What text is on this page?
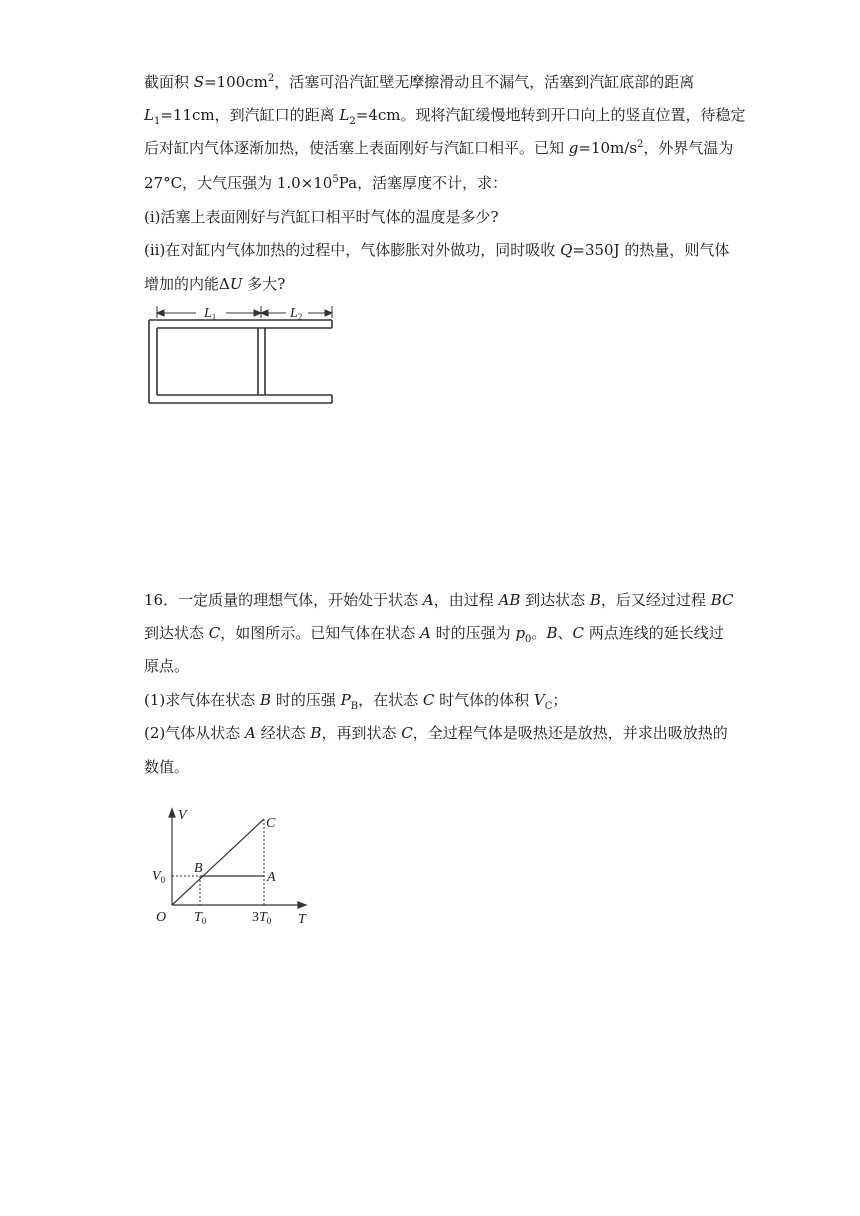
截面积 $S=100cm^2$，活塞可沿汽缸壁无摩擦滑动且不漏气，活塞到汽缸底部的距离
$L_1=11cm$，到汽缸口的距离 $L_2=4cm$。现将汽缸缓慢地转到开口向上的竖直位置，待稳定
后对缸内气体逐渐加热，使活塞上表面刚好与汽缸口相平。已知 $g=10m/s^2$，外界气温为
27°C，大气压强为 $1.0\times 10^5Pa$，活塞厚度不计，求：
(i)活塞上表面刚好与汽缸口相平时气体的温度是多少?
(ii)在对缸内气体加热的过程中，气体膨胀对外做功，同时吸收 Q=350J 的热量，则气体
增加的内能ΔU 多大?
$L_1$	$L_2$
16．一定质量的理想气体，开始处于状态 A，由过程 AB 到达状态 B，后又经过过程 BC
到达状态 C，如图所示。已知气体在状态 A 时的压强为 $p_0$。B、C 两点连线的延长线过
原点。
(1)求气体在状态 B 时的压强 $P_B$，在状态 C 时气体的体积 $V_C$；
(2)气体从状态 A 经状态 B，再到状态 C，全过程气体是吸热还是放热，并求出吸放热的
数值。
V
T
O
C
B
A
$V_0$
$T_0$	$3T_0$
